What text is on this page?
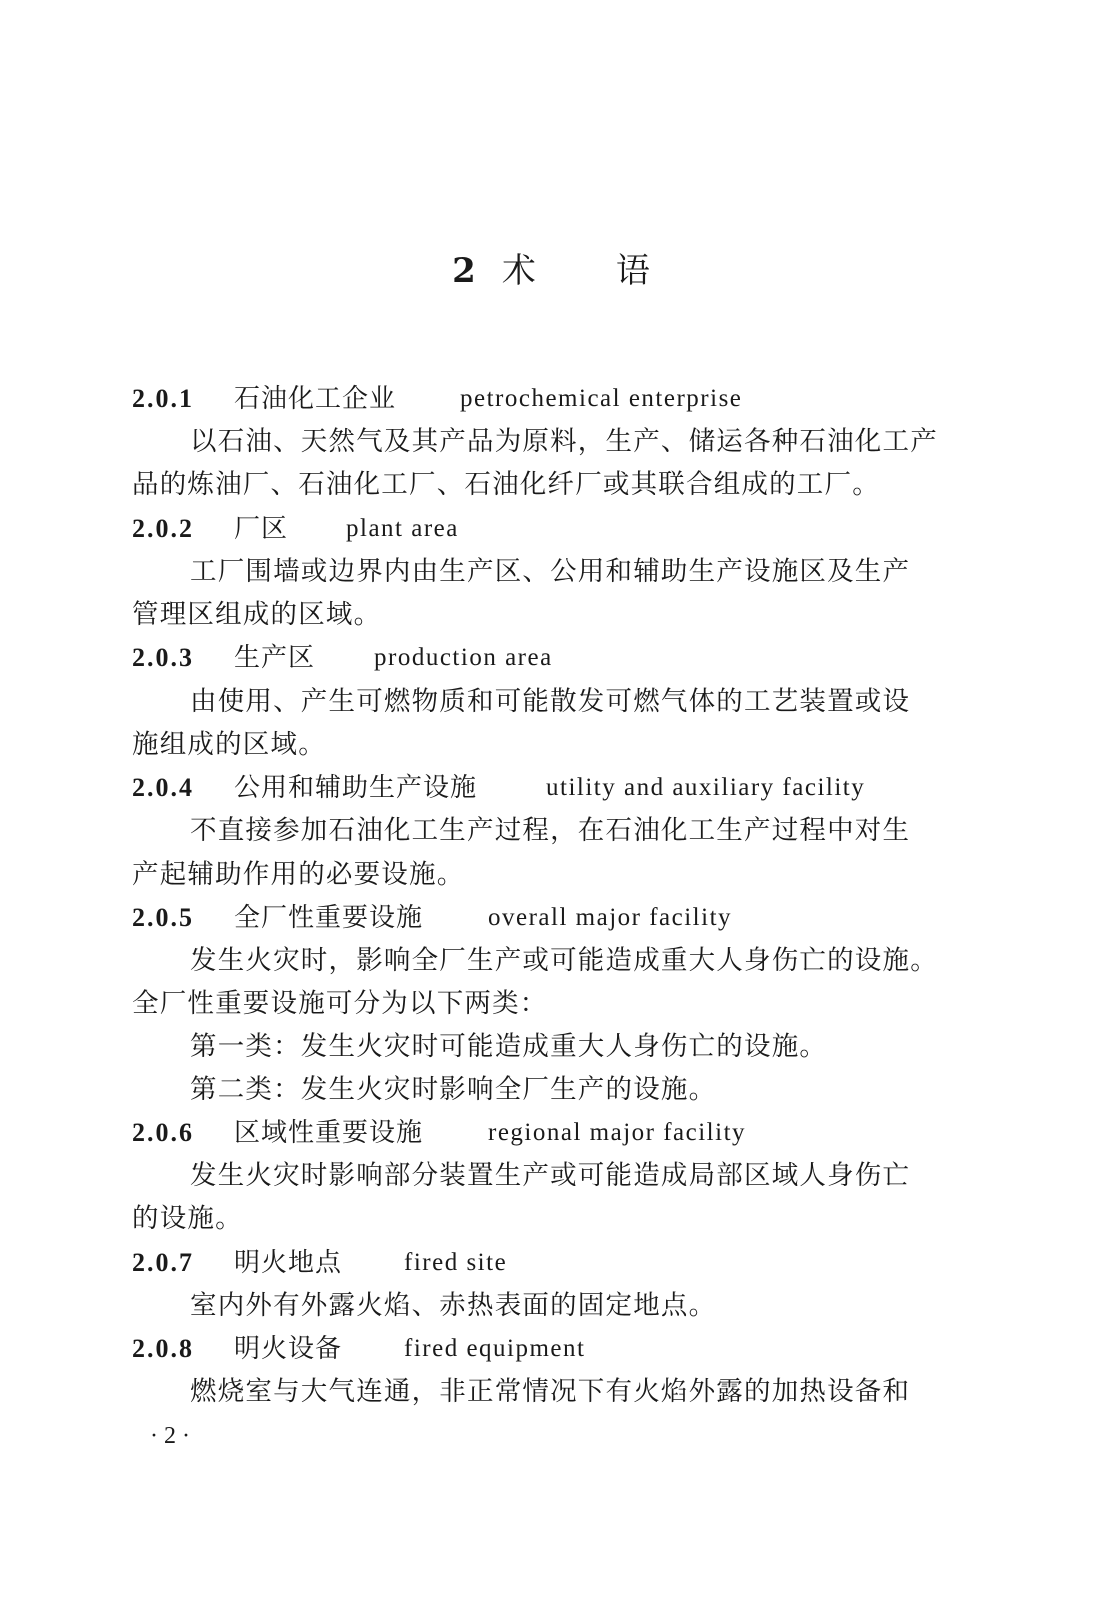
2 术 语
2.0.1 石油化工企业	petrochemical enterprise
以石油、天然气及其产品为原料，生产、储运各种石油化工产
品的炼油厂、石油化工厂、石油化纤厂或其联合组成的工厂。
2.0.2 厂区 plant area
工厂围墙或边界内由生产区、公用和辅助生产设施区及生产
管理区组成的区域。
2.0.3 生产区 production area
由使用、产生可燃物质和可能散发可燃气体的工艺装置或设
施组成的区域。
2.0.4 公用和辅助生产设施	utility and auxiliary facility
不直接参加石油化工生产过程，在石油化工生产过程中对生
产起辅助作用的必要设施。
2.0.5 全厂性重要设施	overall major facility
发生火灾时，影响全厂生产或可能造成重大人身伤亡的设施。
全厂性重要设施可分为以下两类：
第一类：发生火灾时可能造成重大人身伤亡的设施。
第二类：发生火灾时影响全厂生产的设施。
2.0.6 区域性重要设施	regional major facility
发生火灾时影响部分装置生产或可能造成局部区域人身伤亡
的设施。
2.0.7 明火地点 fired site
室内外有外露火焰、赤热表面的固定地点。
2.0.8 明火设备 fired equipment
燃烧室与大气连通，非正常情况下有火焰外露的加热设备和
· 2 ·
